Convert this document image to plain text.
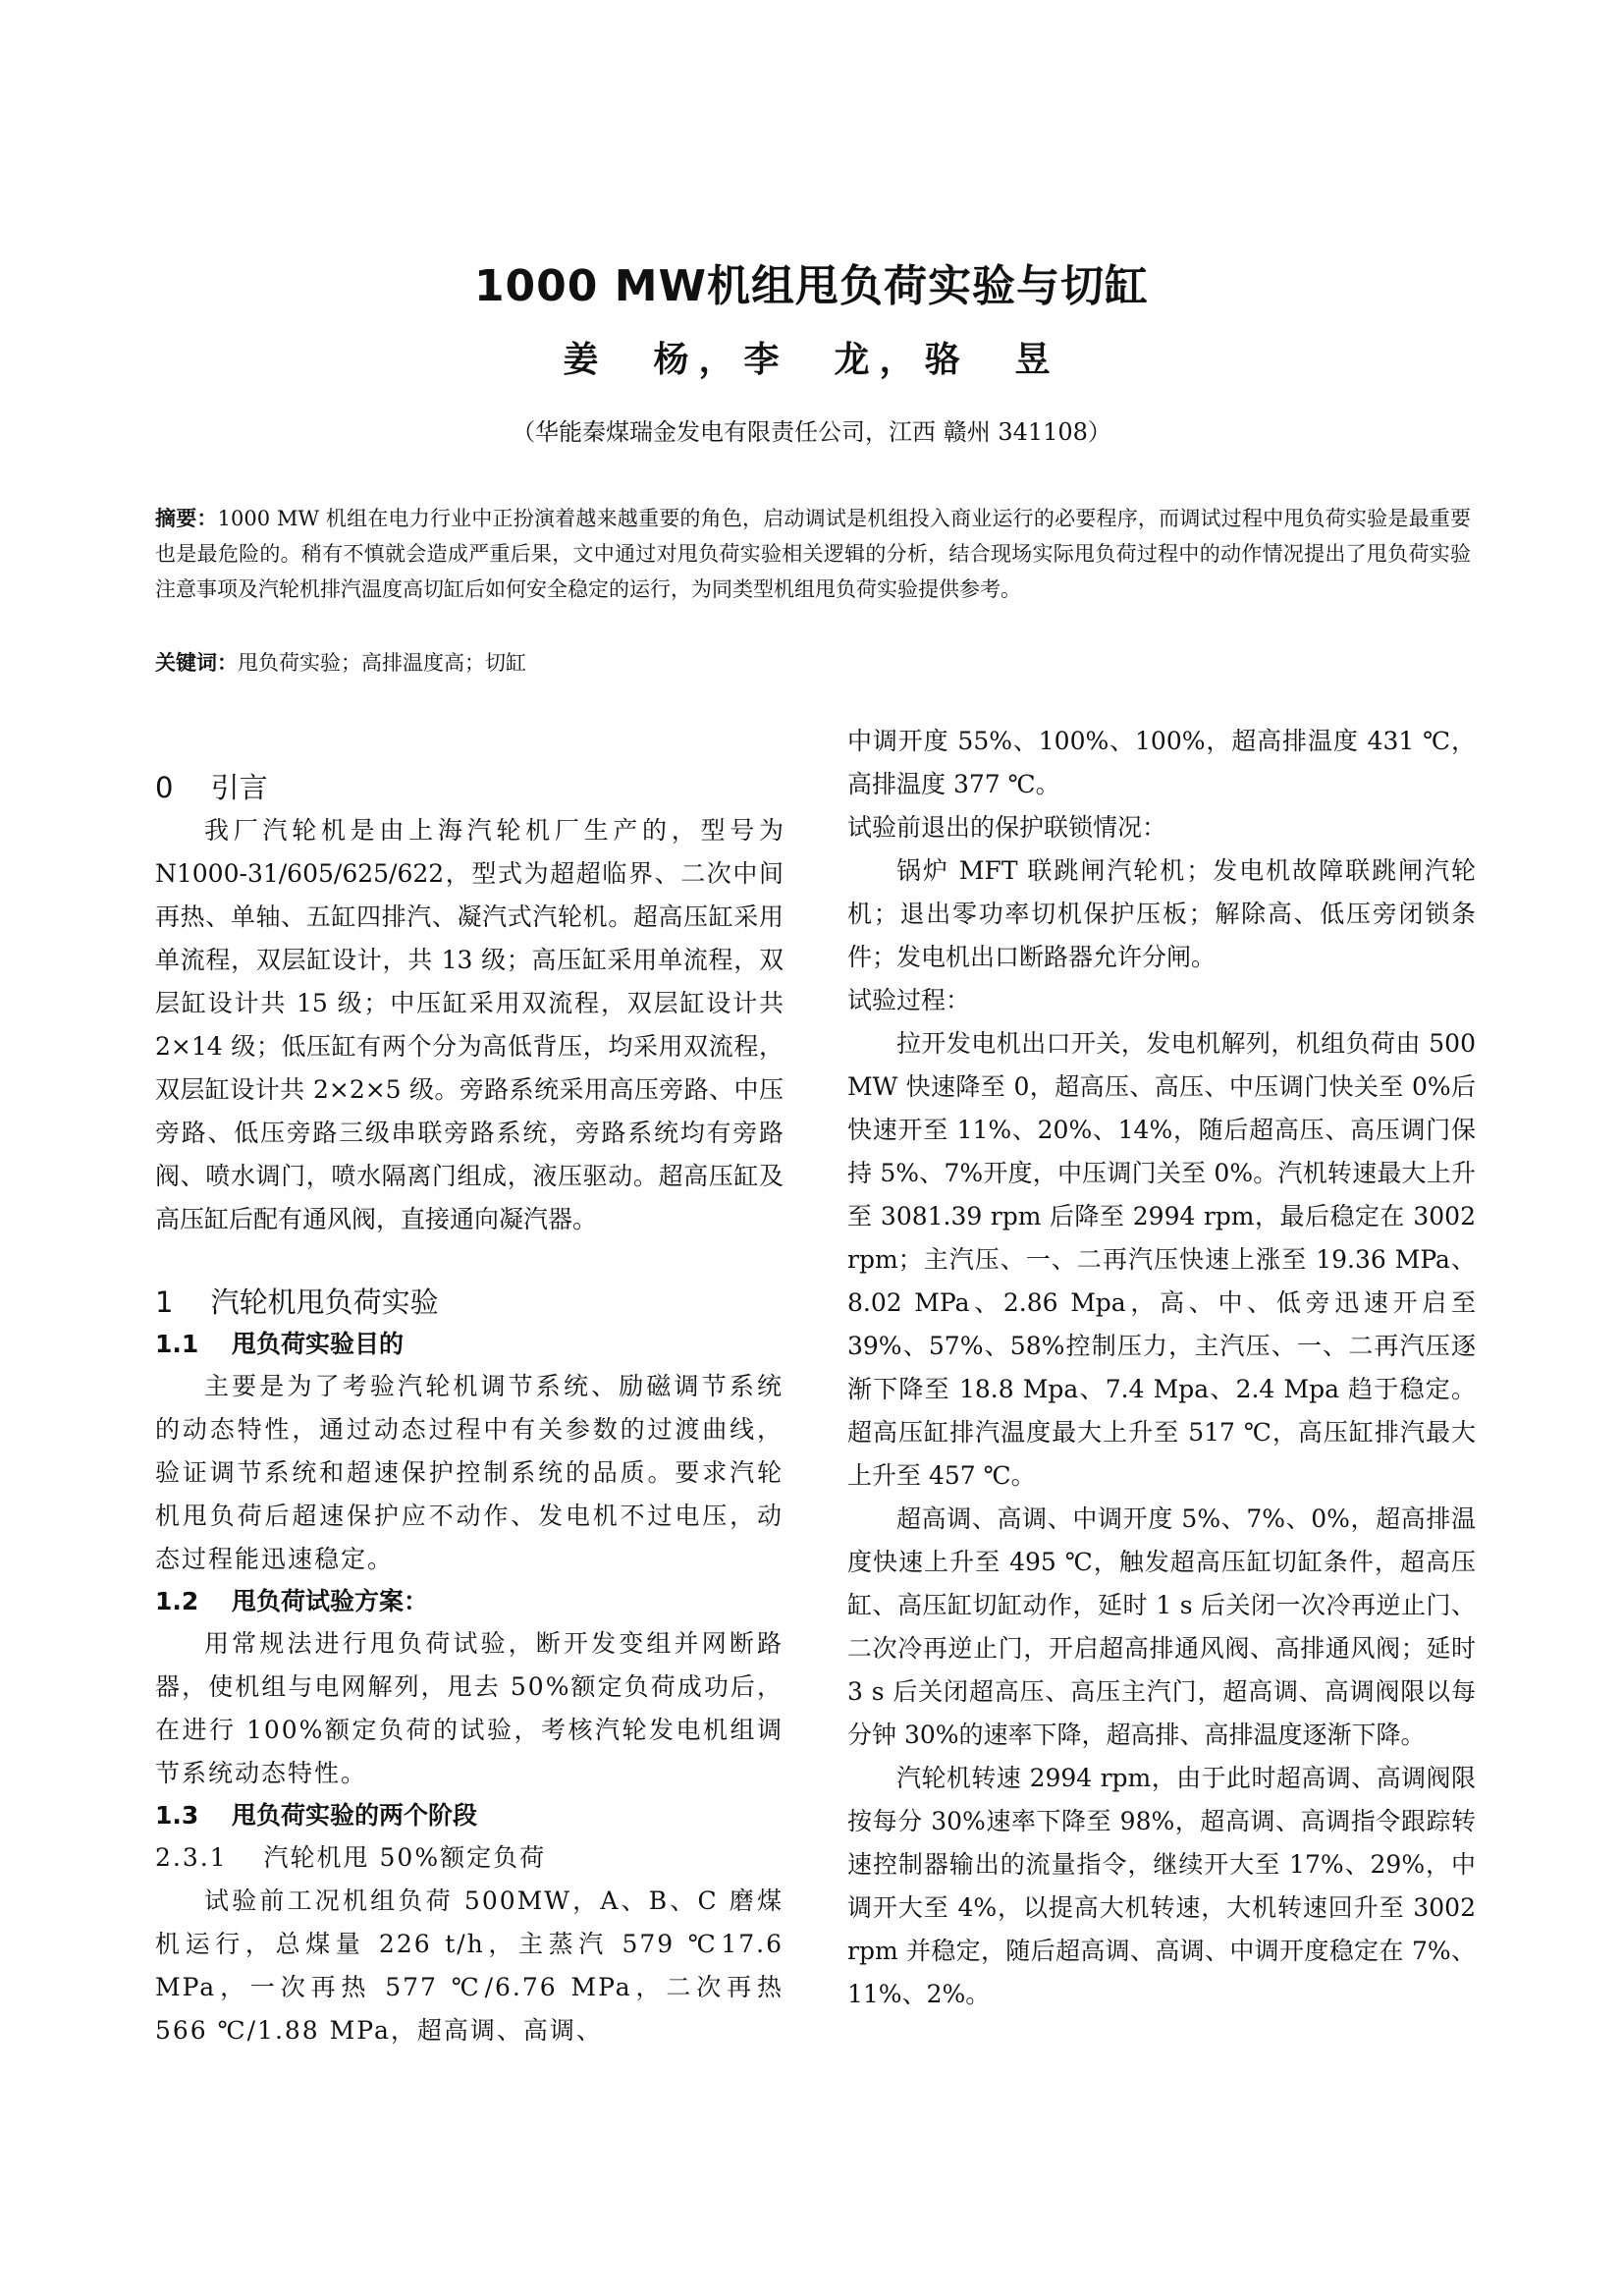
1000 MW机组甩负荷实验与切缸
姜　杨，李　龙，骆　昱
（华能秦煤瑞金发电有限责任公司，江西 赣州 341108）
摘要：1000 MW 机组在电力行业中正扮演着越来越重要的角色，启动调试是机组投入商业运行的必要程序，而调试过程中甩负荷实验是最重要也是最危险的。稍有不慎就会造成严重后果，文中通过对甩负荷实验相关逻辑的分析，结合现场实际甩负荷过程中的动作情况提出了甩负荷实验注意事项及汽轮机排汽温度高切缸后如何安全稳定的运行，为同类型机组甩负荷实验提供参考。
关键词：甩负荷实验；高排温度高；切缸
0　 引言

我厂汽轮机是由上海汽轮机厂生产的，型号为N1000-31/605/625/622，型式为超超临界、二次中间再热、单轴、五缸四排汽、凝汽式汽轮机。超高压缸采用单流程，双层缸设计，共 13 级；高压缸采用单流程，双层缸设计共 15 级；中压缸采用双流程，双层缸设计共 2×14 级；低压缸有两个分为高低背压，均采用双流程，双层缸设计共 2×2×5 级。旁路系统采用高压旁路、中压旁路、低压旁路三级串联旁路系统，旁路系统均有旁路阀、喷水调门，喷水隔离门组成，液压驱动。超高压缸及高压缸后配有通风阀，直接通向凝汽器。

1　 汽轮机甩负荷实验
1.1　 甩负荷实验目的

主要是为了考验汽轮机调节系统、励磁调节系统的动态特性，通过动态过程中有关参数的过渡曲线，验证调节系统和超速保护控制系统的品质。要求汽轮机甩负荷后超速保护应不动作、发电机不过电压，动态过程能迅速稳定。

1.2　 甩负荷试验方案：

用常规法进行甩负荷试验，断开发变组并网断路器，使机组与电网解列，甩去 50%额定负荷成功后，在进行 100%额定负荷的试验，考核汽轮发电机组调节系统动态特性。

1.3　 甩负荷实验的两个阶段
2.3.1　 汽轮机甩 50%额定负荷

试验前工况机组负荷 500MW，A、B、C 磨煤机运行，总煤量 226 t/h，主蒸汽 579 ℃17.6 MPa，一次再热 577 ℃/6.76 MPa，二次再热 566 ℃/1.88 MPa，超高调、高调、

中调开度 55%、100%、100%，超高排温度 431 ℃，高排温度 377 ℃。

试验前退出的保护联锁情况：

锅炉 MFT 联跳闸汽轮机；发电机故障联跳闸汽轮机；退出零功率切机保护压板；解除高、低压旁闭锁条件；发电机出口断路器允许分闸。

试验过程：

拉开发电机出口开关，发电机解列，机组负荷由 500 MW 快速降至 0，超高压、高压、中压调门快关至 0%后快速开至 11%、20%、14%，随后超高压、高压调门保持 5%、7%开度，中压调门关至 0%。汽机转速最大上升至 3081.39 rpm 后降至 2994 rpm，最后稳定在 3002 rpm；主汽压、一、二再汽压快速上涨至 19.36 MPa、8.02 MPa、2.86 Mpa，高、中、低旁迅速开启至 39%、57%、58%控制压力，主汽压、一、二再汽压逐渐下降至 18.8 Mpa、7.4 Mpa、2.4 Mpa 趋于稳定。超高压缸排汽温度最大上升至 517 ℃，高压缸排汽最大上升至 457 ℃。

超高调、高调、中调开度 5%、7%、0%，超高排温度快速上升至 495 ℃，触发超高压缸切缸条件，超高压缸、高压缸切缸动作，延时 1 s 后关闭一次冷再逆止门、二次冷再逆止门，开启超高排通风阀、高排通风阀；延时 3 s 后关闭超高压、高压主汽门，超高调、高调阀限以每分钟 30%的速率下降，超高排、高排温度逐渐下降。

汽轮机转速 2994 rpm，由于此时超高调、高调阀限按每分 30%速率下降至 98%，超高调、高调指令跟踪转速控制器输出的流量指令，继续开大至 17%、29%，中调开大至 4%，以提高大机转速，大机转速回升至 3002 rpm 并稳定，随后超高调、高调、中调开度稳定在 7%、11%、2%。
